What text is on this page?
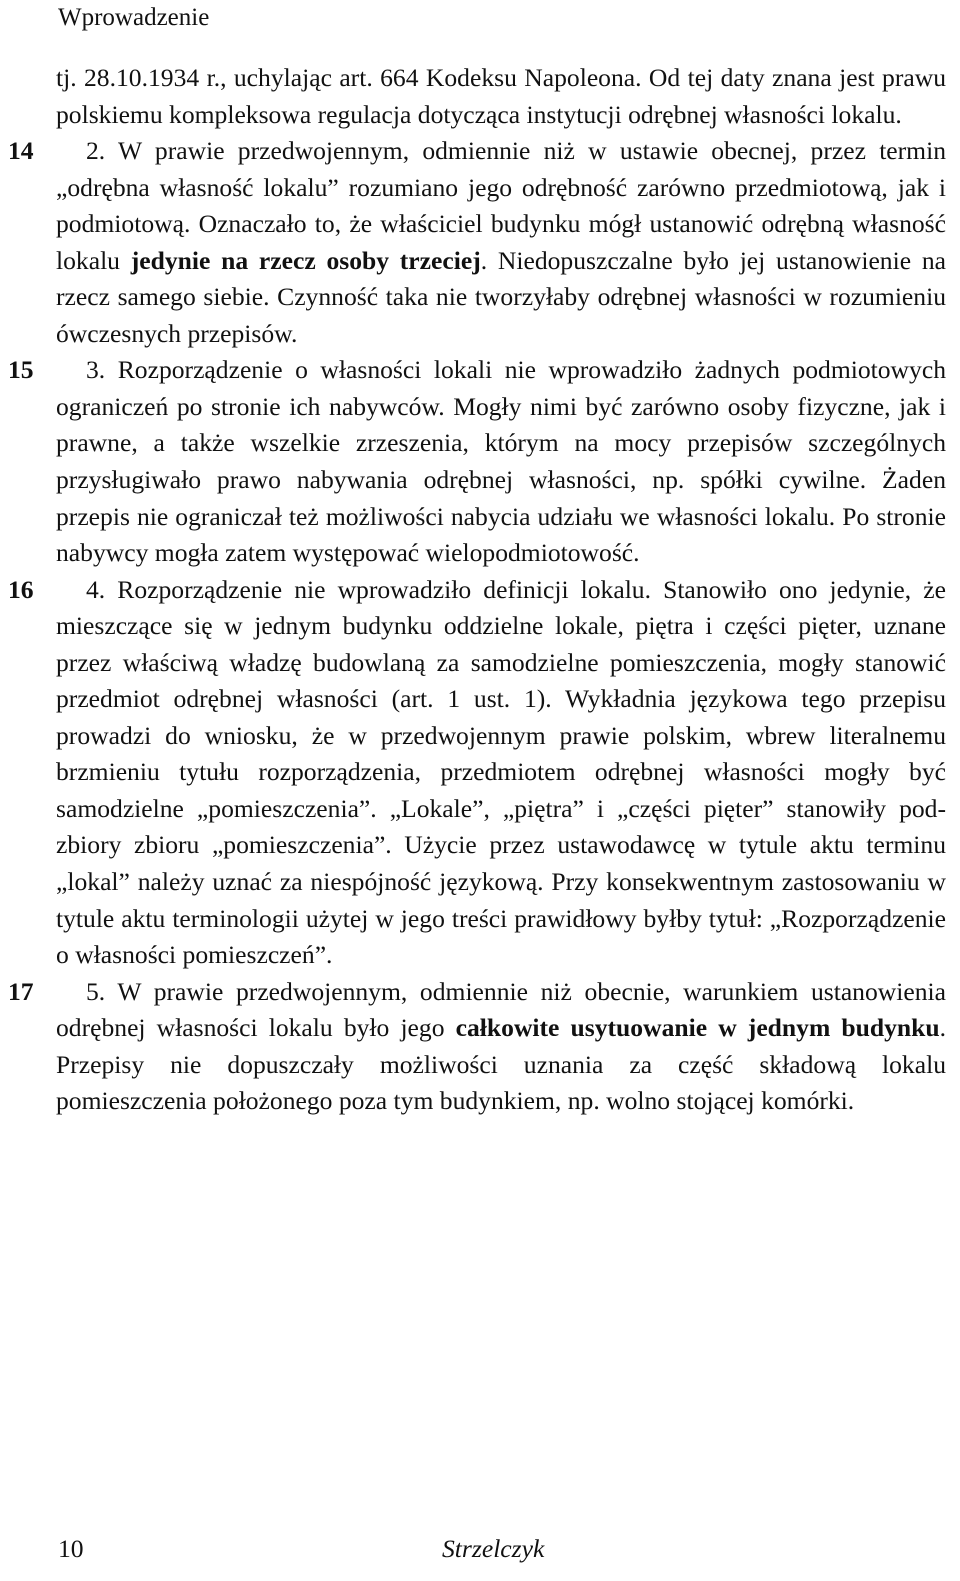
Wprowadzenie

tj. 28.10.1934 r., uchylając art. 664 Kodeksu Napoleona. Od tej daty znana jest prawu polskiemu kompleksowa regulacja dotycząca instytucji odrębnej własności lokalu.

14 2. W prawie przedwojennym, odmiennie niż w ustawie obecnej, przez termin „odrębna własność lokalu” rozumiano jego odrębność zarówno przedmiotową, jak i podmiotową. Oznaczało to, że właściciel budynku mógł ustanowić odrębną własność lokalu jedynie na rzecz osoby trzeciej. Niedopuszczalne było jej ustanowienie na rzecz samego siebie. Czynność taka nie tworzyłaby odrębnej własności w rozumieniu ówczesnych przepisów.

15 3. Rozporządzenie o własności lokali nie wprowadziło żadnych podmiotowych ograniczeń po stronie ich nabywców. Mogły nimi być zarówno osoby fizyczne, jak i prawne, a także wszelkie zrzeszenia, którym na mocy przepisów szczególnych przysługiwało prawo nabywania odrębnej własności, np. spółki cywilne. Żaden przepis nie ograniczał też możliwości nabycia udziału we własności lokalu. Po stronie nabywcy mogła zatem występować wielopodmiotowość.

16 4. Rozporządzenie nie wprowadziło definicji lokalu. Stanowiło ono jedynie, że mieszczące się w jednym budynku oddzielne lokale, piętra i części pięter, uznane przez właściwą władzę budowlaną za samodzielne pomieszczenia, mogły stanowić przedmiot odrębnej własności (art. 1 ust. 1). Wykładnia językowa tego przepisu prowadzi do wniosku, że w przedwojennym prawie polskim, wbrew literalnemu brzmieniu tytułu rozporządzenia, przedmiotem odrębnej własności mogły być samodzielne „pomieszczenia”. „Lokale”, „piętra” i „części pięter” stanowiły podzbiory zbioru „pomieszczenia”. Użycie przez ustawodawcę w tytule aktu terminu „lokal” należy uznać za niespójność językową. Przy konsekwentnym zastosowaniu w tytule aktu terminologii użytej w jego treści prawidłowy byłby tytuł: „Rozporządzenie o własności pomieszczeń”.

17 5. W prawie przedwojennym, odmiennie niż obecnie, warunkiem ustanowienia odrębnej własności lokalu było jego całkowite usytuowanie w jednym budynku. Przepisy nie dopuszczały możliwości uznania za część składową lokalu pomieszczenia położonego poza tym budynkiem, np. wolno stojącej komórki.

10	Strzelczyk
